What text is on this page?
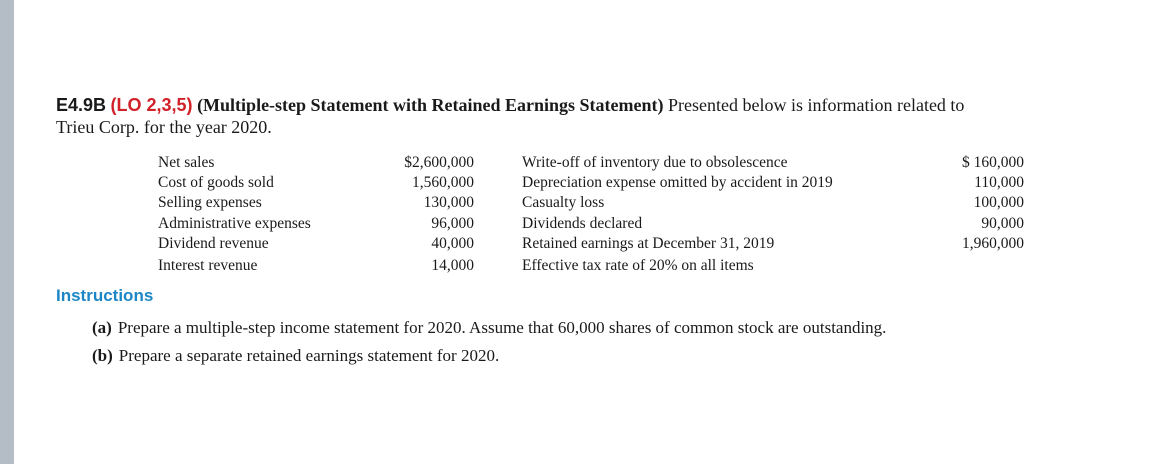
E4.9B (LO 2,3,5) (Multiple-step Statement with Retained Earnings Statement) Presented below is information related to
Trieu Corp. for the year 2020.
Net sales
Cost of goods sold
Selling expenses
Administrative expenses
Dividend revenue
Interest revenue
$2,600,000
1,560,000
130,000
96,000
40,000
14,000
Write-off of inventory due to obsolescence
Depreciation expense omitted by accident in 2019
Casualty loss
Dividends declared
Retained earnings at December 31, 2019
Effective tax rate of 20% on all items
$ 160,000
110,000
100,000
90,000
1,960,000
Instructions
(a) Prepare a multiple-step income statement for 2020. Assume that 60,000 shares of common stock are outstanding.
(b) Prepare a separate retained earnings statement for 2020.
